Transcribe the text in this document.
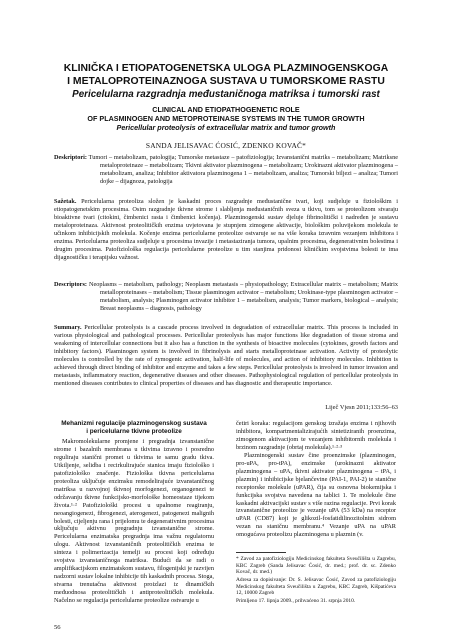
KLINIČKA I ETIOPATOGENETSKA ULOGA PLAZMINOGENSKOGA
I METALOPROTEINAZNOGA SUSTAVA U TUMORSKOME RASTU
Pericelularna razgradnja međustaničnoga matriksa i tumorski rast
CLINICAL AND ETIOPATHOGENETIC ROLE
OF PLASMINOGEN AND METOPROTEINASE SYSTEMS IN THE TUMOR GROWTH
Pericellular proteolysis of extracellular matrix and tumor growth
SANDA JELISAVAC ĆOSIĆ, ZDENKO KOVAČ*
Deskriptori: Tumori – metabolizam, patologija; Tumorske metastaze – patofiziologija; Izvanstanični matriks – metabolizam; Matriksne metaloproteinaze – metabolizam; Tkivni aktivator plazminogena – metabolizam; Urokinazni aktivator plazminogena – metabolizam, analiza; Inhibitor aktivatora plazminogena 1 – metabolizam, analiza; Tumorski biljezi – analiza; Tumori dojke – dijagnoza, patologija
Sažetak. Pericelularna proteoliza složen je kaskadni proces razgradnje međustanične tvari, koji sudjeluje u fiziološkim i etiopatogenetskim procesima. Osim razgradnje tkivne strome i slabljenja međustaničnih sveza u tkivu, tom se proteolizom stvaraju bioaktivne tvari (citokini, čimbenici rasta i čimbenici kočenja). Plazminogenski sustav djeluje fibrinolitički i nadređen je sustavu metaloproteinaza. Aktivnost proteolitičkih enzima uvjetovana je stupnjem zimogene aktivacije, biološkim poluvijekom molekula te učinkom inhibicijskih molekula. Kočenje enzima pericelularne proteolize ostvaruje se na više koraka izravnim vezanjem inhibitora i enzima. Pericelularna proteoliza sudjeluje u procesima invazije i metastaziranja tumora, upalnim procesima, degenerativnim bolestima i drugim procesima. Patofiziološka regulacija pericelularne proteolize u tim stanjima pridonosi kliničkim svojstvima bolesti te ima dijagnostičku i terapijsku važnost.
Descriptors: Neoplasms – metabolism, pathology; Neoplasm metastasis – physiopathology; Extracellular matrix – metabolism; Matrix metalloproteinases – metabolism; Tissue plasminogen activator – metabolism; Urokinase-type plasminogen activator – metabolism, analysis; Plasminogen activator inhibitor 1 – metabolism, analysis; Tumor markers, biological – analysis; Breast neoplasms – diagnosis, pathology
Summary. Pericellular proteolysis is a cascade process involved in degradation of extracellular matrix. This process is included in various physiological and pathological processes. Pericellular proteolysis has major functions like degradation of tissue stroma and weakening of intercellular connections but it also has a function in the synthesis of bioactive molecules (cytokines, growth factors and inhibitory factors). Plasminogen system is involved in fibrinolysis and starts metalloproteinase activation. Activity of proteolytic molecules is controlled by the rate of zymogenic activation, half-life of molecules, and action of inhibitory molecules. Inhibition is achieved through direct binding of inhibitor and enzyme and takes a few steps. Pericellular proteolysis is involved in tumor invasion and metastasis, inflammatory reaction, degenerative diseases and other diseases. Pathophysiological regulation of pericellular proteolysis in mentioned diseases contributes to clinical properties of diseases and has diagnostic and therapeutic importance.
Liječ Vjesn 2011;133:56–63
Mehanizmi regulacije plazminogenskog sustava
i pericelularne tkivne proteolize

Makromolekularne promjene i pregradnja izvanstanične strome i bazalnih membrana u tkivima izravno i posredno reguliraju stanični promet u tkivima te samu gradu tkiva. Utkiljenje, selidba i recirkulirajuće stanica imaju fiziološko i patofiziološko značenje. Fiziološka tkivna pericelularna proteoliza uključuje enzimsku remodelirajuće izvanstaničnog matriksa u razvojnoj tkivnoj morfogenezi, organogenezi te održavanju tkivne funkcijsko-morfološke homeostaze tijekom života.¹·² Patofiziološki procesi u upalnome reagiranju, neoangiogenezi, fibrogenezi, aterogenezi, patogenezi malignih bolesti, cijeljenju rana i prijelomu te degenerativnim procesima uključuju aktivnu pregradnju izvanstanične strome. Pericelularna enzimatska pregradnja ima važnu regulatornu ulogu. Aktivnost izvanstaničnih proteolitičkih enzima te sinteza i polimerizacija temelji su procesi koji određuju svojstva izvanstaničnoga matriksa. Budući da se radi o amplifikacijskom enzimatskom sustavu, filogenijski je razvijen nadzorni sustav lokalne inhibicije tih kaskadnih procesa. Stoga, stvarna trenutačna aktivnost proizlazi iz dinamičkih međuodnosa proteolitičkih i antiproteolitičkih molekula. Načelno se regulacija pericelularne proteolize ostvaruje u

četiri koraka: regulacijom genskog izražaja enzima i njihovih inhibitora, kompartmentalizirajućih sintetiziranih proenzima, zimogenom aktivacijom te vezanjem inhibitornih molekula i brzinom razgradnje (obrtaj molekula).¹·²·³

Plazminogenski sustav čine proenzimske (plazminogen, pro-uPA, pro-tPA), enzimske (urokinazni aktivator plazminogena – uPA, tkivni aktivator plazminogena – tPA, i plazmin) i inhibicijske bjelančevine (PAI-1, PAI-2) te stanične receptorske molekule (uPAR), čija su osnovna biokemijska i funkcijska svojstva navedena na tablici 1. Te molekule čine kaskadni aktivacijski sustav s više razina regulacije. Prvi korak izvanstanične proteolize je vezanje uPA (53 kDa) na receptor uPAR (CD87) koji je glikozil-fosfatidilinozitolnim sidrom vezan na staničnu membranu.⁴ Vezanje uPA na uPAR omogućava proteolizu plazminogena u plazmin (v.

* Zavod za patofiziologiju Medicinskog fakulteta Sveučilišta u Zagrebu, KBC Zagreb (Sanda Jelisavac Ćosić, dr. med.; prof. dr. sc. Zdenko Kovač, dr. med.)
Adresa za dopisivanje: Dr. S. Jelisavac Ćosić, Zavod za patofiziologiju Medicinskog fakulteta Sveučilišta u Zagrebu, KBC Zagreb, Kišpatićeva 12, 10000 Zagreb
Primljeno 17. lipnja 2009., prihvaćeno 31. srpnja 2010.
56
